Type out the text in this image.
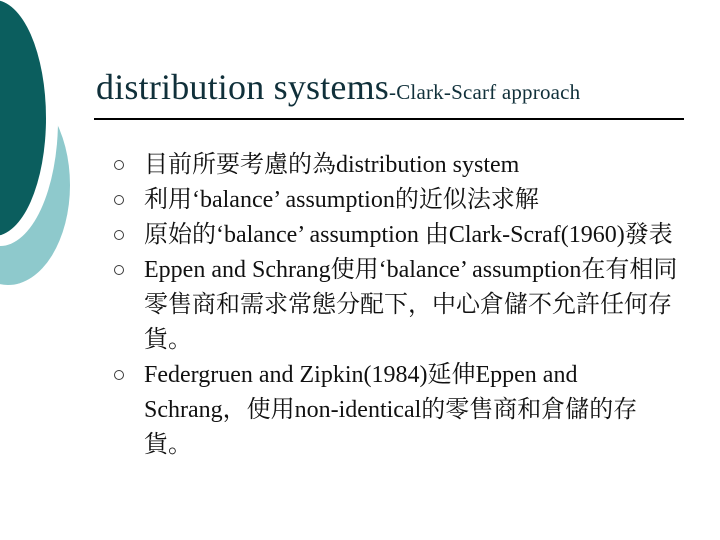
distribution systems-Clark-Scarf approach
目前所要考慮的為distribution system
利用‘balance’ assumption的近似法求解
原始的‘balance’ assumption 由Clark-Scraf(1960)發表
Eppen and Schrang使用‘balance’ assumption在有相同零售商和需求常態分配下，中心倉儲不允許任何存貨。
Federgruen and Zipkin(1984)延伸Eppen and Schrang，使用non-identical的零售商和倉儲的存貨。
